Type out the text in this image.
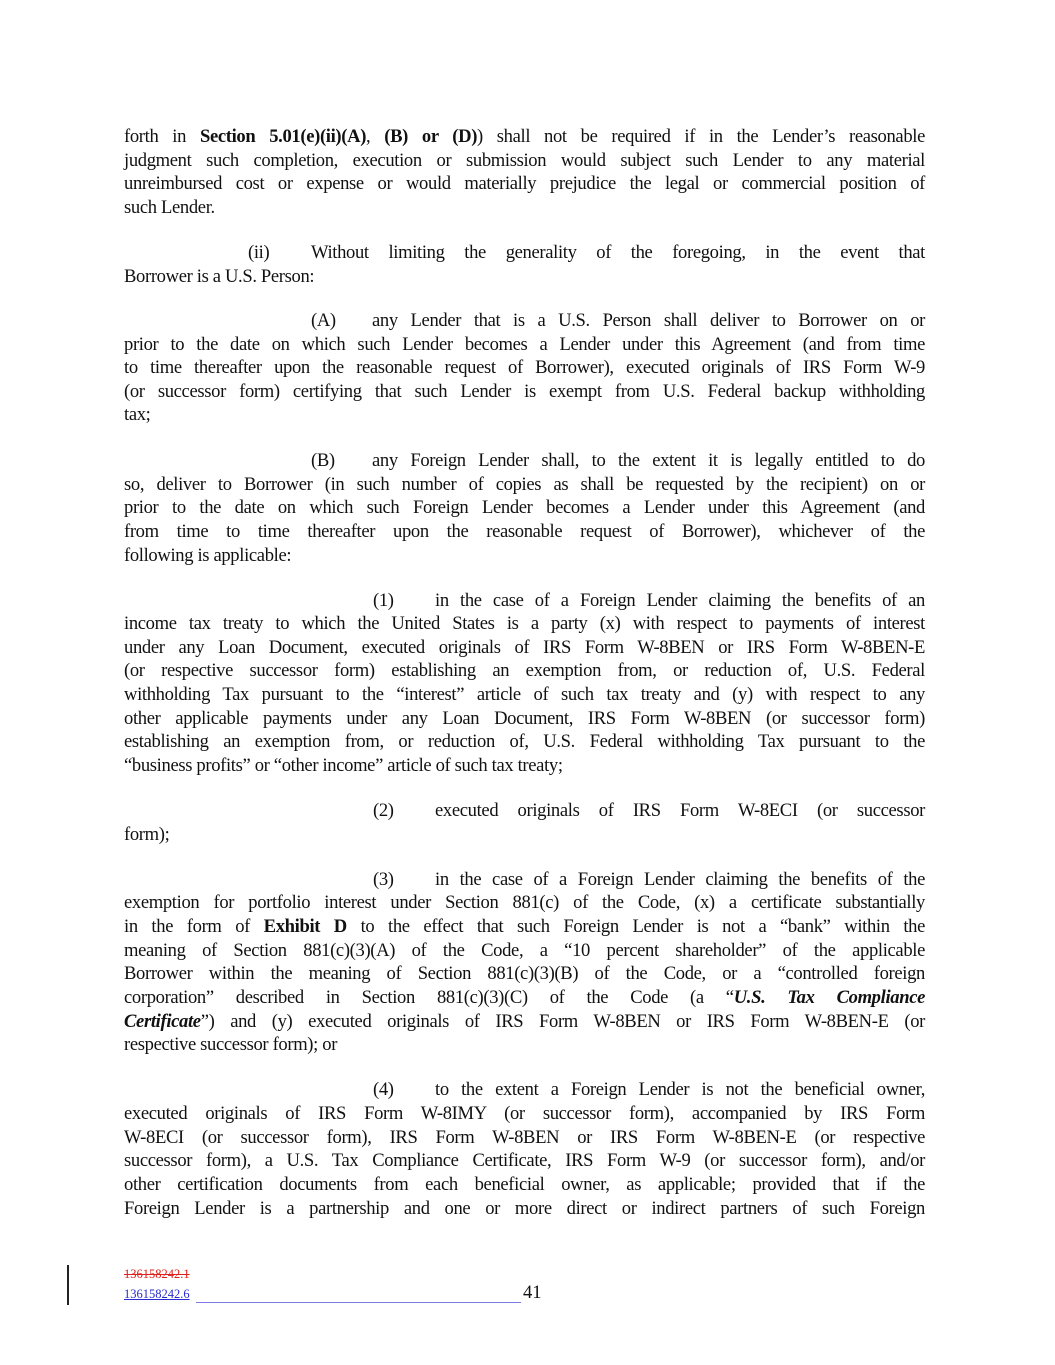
forth in Section 5.01(e)(ii)(A), (B) or (D)) shall not be required if in the Lender’s reasonable
judgment such completion, execution or submission would subject such Lender to any material
unreimbursed cost or expense or would materially prejudice the legal or commercial position of
such Lender.
(ii)	Without limiting the generality of the foregoing, in the event that
Borrower is a U.S. Person:
(A)	any Lender that is a U.S. Person shall deliver to Borrower on or
prior to the date on which such Lender becomes a Lender under this Agreement (and from time
to time thereafter upon the reasonable request of Borrower), executed originals of IRS Form W-9
(or successor form) certifying that such Lender is exempt from U.S. Federal backup withholding
tax;
(B)	any Foreign Lender shall, to the extent it is legally entitled to do
so, deliver to Borrower (in such number of copies as shall be requested by the recipient) on or
prior to the date on which such Foreign Lender becomes a Lender under this Agreement (and
from time to time thereafter upon the reasonable request of Borrower), whichever of the
following is applicable:
(1)	in the case of a Foreign Lender claiming the benefits of an
income tax treaty to which the United States is a party (x) with respect to payments of interest
under any Loan Document, executed originals of IRS Form W-8BEN or IRS Form W-8BEN-E
(or respective successor form) establishing an exemption from, or reduction of, U.S. Federal
withholding Tax pursuant to the “interest” article of such tax treaty and (y) with respect to any
other applicable payments under any Loan Document, IRS Form W-8BEN (or successor form)
establishing an exemption from, or reduction of, U.S. Federal withholding Tax pursuant to the
“business profits” or “other income” article of such tax treaty;
(2)	executed originals of IRS Form W-8ECI (or successor
form);
(3)	in the case of a Foreign Lender claiming the benefits of the
exemption for portfolio interest under Section 881(c) of the Code, (x) a certificate substantially
in the form of Exhibit D to the effect that such Foreign Lender is not a “bank” within the
meaning of Section 881(c)(3)(A) of the Code, a “10 percent shareholder” of the applicable
Borrower within the meaning of Section 881(c)(3)(B) of the Code, or a “controlled foreign
corporation” described in Section 881(c)(3)(C) of the Code (a “U.S. Tax Compliance
Certificate”) and (y) executed originals of IRS Form W-8BEN or IRS Form W-8BEN-E (or
respective successor form); or
(4)	to the extent a Foreign Lender is not the beneficial owner,
executed originals of IRS Form W-8IMY (or successor form), accompanied by IRS Form
W-8ECI (or successor form), IRS Form W-8BEN or IRS Form W-8BEN-E (or respective
successor form), a U.S. Tax Compliance Certificate, IRS Form W-9 (or successor form), and/or
other certification documents from each beneficial owner, as applicable; provided that if the
Foreign Lender is a partnership and one or more direct or indirect partners of such Foreign
136158242.1
136158242.6	41
